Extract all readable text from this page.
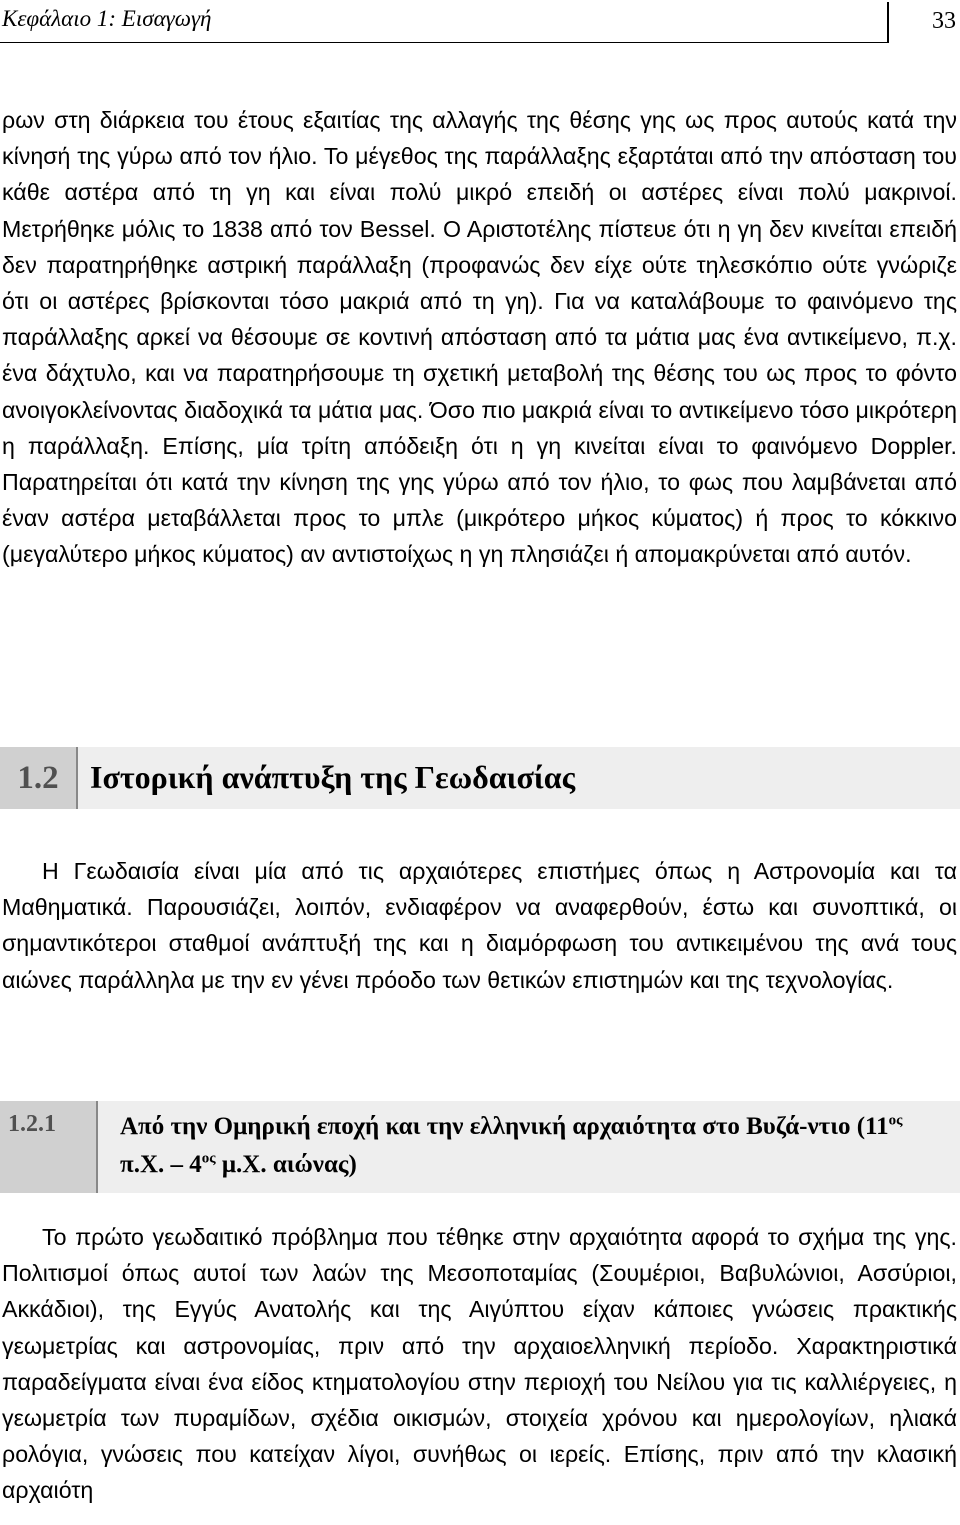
Κεφάλαιο 1: Εισαγωγή	33

ρων στη διάρκεια του έτους εξαιτίας της αλλαγής της θέσης γης ως προς αυτούς κατά την κίνησή της γύρω από τον ήλιο. Το μέγεθος της παράλλαξης εξαρτάται από την απόσταση του κάθε αστέρα από τη γη και είναι πολύ μικρό επειδή οι αστέρες είναι πολύ μακρινοί. Μετρήθηκε μόλις το 1838 από τον Bessel. Ο Αριστοτέλης πίστευε ότι η γη δεν κινείται επειδή δεν παρατηρήθηκε αστρική παράλλαξη (προφανώς δεν είχε ούτε τηλεσκόπιο ούτε γνώριζε ότι οι αστέρες βρίσκονται τόσο μακριά από τη γη). Για να καταλάβουμε το φαινόμενο της παράλλαξης αρκεί να θέσουμε σε κοντινή απόσταση από τα μάτια μας ένα αντικείμενο, π.χ. ένα δάχτυλο, και να παρατηρήσουμε τη σχετική μεταβολή της θέσης του ως προς το φόντο ανοιγοκλείνοντας διαδοχικά τα μάτια μας. Όσο πιο μακριά είναι το αντικείμενο τόσο μικρότερη η παράλλαξη. Επίσης, μία τρίτη απόδειξη ότι η γη κινείται είναι το φαινόμενο Doppler. Παρατηρείται ότι κατά την κίνηση της γης γύρω από τον ήλιο, το φως που λαμβάνεται από έναν αστέρα μεταβάλλεται προς το μπλε (μικρότερο μήκος κύματος) ή προς το κόκκινο (μεγαλύτερο μήκος κύματος) αν αντιστοίχως η γη πλησιάζει ή απομακρύνεται από αυτόν.

1.2 Ιστορική ανάπτυξη της Γεωδαισίας

Η Γεωδαισία είναι μία από τις αρχαιότερες επιστήμες όπως η Αστρονομία και τα Μαθηματικά. Παρουσιάζει, λοιπόν, ενδιαφέρον να αναφερθούν, έστω και συνοπτικά, οι σημαντικότεροι σταθμοί ανάπτυξή της και η διαμόρφωση του αντικειμένου της ανά τους αιώνες παράλληλα με την εν γένει πρόοδο των θετικών επιστημών και της τεχνολογίας.

1.2.1	Από την Ομηρική εποχή και την ελληνική αρχαιότητα στο Βυζά-ντιο ($11^{o\varsigma}$ π.Χ. – $4^{o\varsigma}$ μ.Χ. αιώνας)

Το πρώτο γεωδαιτικό πρόβλημα που τέθηκε στην αρχαιότητα αφορά το σχήμα της γης. Πολιτισμοί όπως αυτοί των λαών της Μεσοποταμίας (Σουμέριοι, Βαβυλώνιοι, Ασσύριοι, Ακκάδιοι), της Εγγύς Ανατολής και της Αιγύπτου είχαν κάποιες γνώσεις πρακτικής γεωμετρίας και αστρονομίας, πριν από την αρχαιοελληνική περίοδο. Χαρακτηριστικά παραδείγματα είναι ένα είδος κτηματολογίου στην περιοχή του Νείλου για τις καλλιέργειες, η γεωμετρία των πυραμίδων, σχέδια οικισμών, στοιχεία χρόνου και ημερολογίων, ηλιακά ρολόγια, γνώσεις που κατείχαν λίγοι, συνήθως οι ιερείς. Επίσης, πριν από την κλασική αρχαιότη
